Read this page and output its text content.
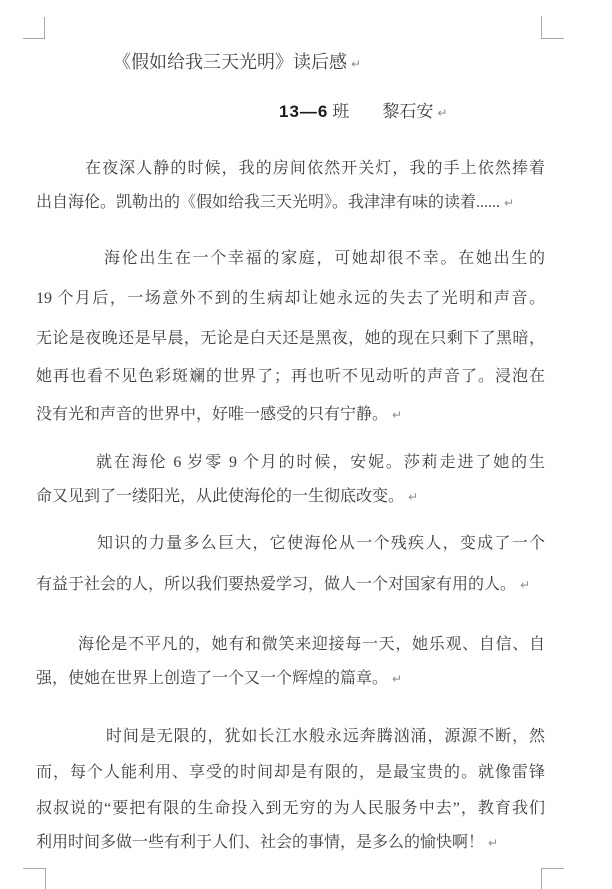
《假如给我三天光明》读后感 ↵
13—6 班 黎石安 ↵
在夜深人静的时候，我的房间依然开关灯，我的手上依然捧着
出自海伦。凯勒出的《假如给我三天光明》。我津津有味的读着...... ↵
海伦出生在一个幸福的家庭，可她却很不幸。在她出生的
19 个月后，一场意外不到的生病却让她永远的失去了光明和声音。
无论是夜晚还是早晨，无论是白天还是黑夜，她的现在只剩下了黑暗，
她再也看不见色彩斑斓的世界了；再也听不见动听的声音了。浸泡在
没有光和声音的世界中，好唯一感受的只有宁静。 ↵
就在海伦 6 岁零 9 个月的时候，安妮。莎莉走进了她的生
命又见到了一缕阳光，从此使海伦的一生彻底改变。 ↵
知识的力量多么巨大，它使海伦从一个残疾人，变成了一个
有益于社会的人，所以我们要热爱学习，做人一个对国家有用的人。 ↵
海伦是不平凡的，她有和微笑来迎接每一天，她乐观、自信、自
强，使她在世界上创造了一个又一个辉煌的篇章。 ↵
时间是无限的，犹如长江水般永远奔腾汹涌，源源不断，然
而，每个人能利用、享受的时间却是有限的，是最宝贵的。就像雷锋
叔叔说的“要把有限的生命投入到无穷的为人民服务中去”，教育我们
利用时间多做一些有利于人们、社会的事情，是多么的愉快啊！ ↵
